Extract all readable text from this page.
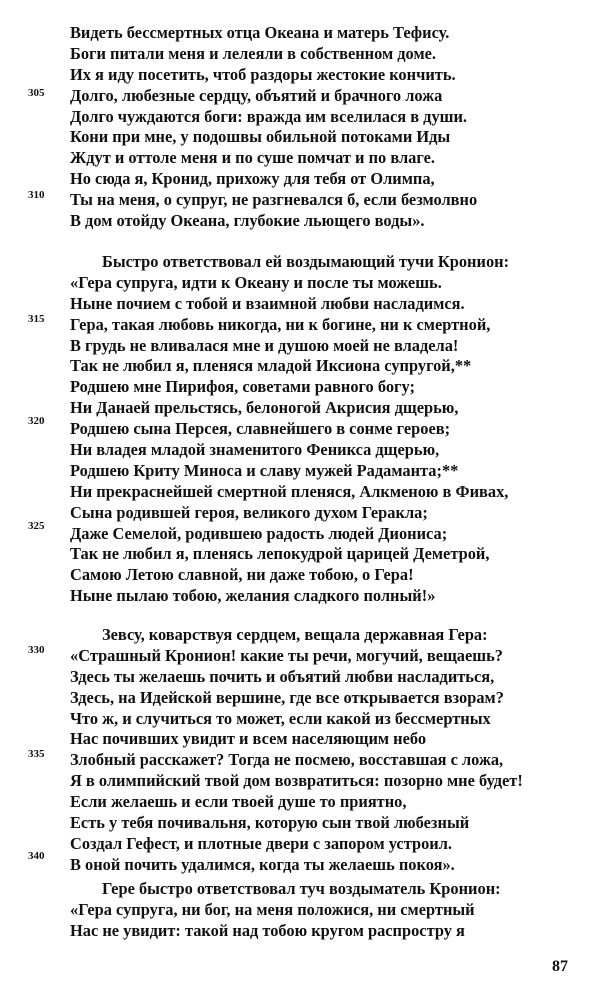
Видеть бессмертных отца Океана и матерь Тефису.
Боги питали меня и лелеяли в собственном доме.
Их я иду посетить, чтоб раздоры жестокие кончить.
Долго, любезные сердцу, объятий и брачного ложа
Долго чуждаются боги: вражда им вселилася в души.
Кони при мне, у подошвы обильной потоками Иды
Ждут и оттоле меня и по суше помчат и по влаге.
Но сюда я, Кронид, прихожу для тебя от Олимпа,
Ты на меня, о супруг, не разгневался б, если безмолвно
В дом отойду Океана, глубокие льющего воды».
Быстро ответствовал ей воздымающий тучи Кронион:
«Гера супруга, идти к Океану и после ты можешь.
Ныне почием с тобой и взаимной любви насладимся.
Гера, такая любовь никогда, ни к богине, ни к смертной,
В грудь не вливалася мне и душою моей не владела!
Так не любил я, пленяся младой Иксиона супругой,**
Родшею мне Пирифоя, советами равного богу;
Ни Данаей прельстясь, белоногой Акрисия дщерью,
Родшею сына Персея, славнейшего в сонме героев;
Ни владея младой знаменитого Феникса дщерью,
Родшею Криту Миноса и славу мужей Радаманта;**
Ни прекраснейшей смертной пленяся, Алкменою в Фивах,
Сына родившей героя, великого духом Геракла;
Даже Семелой, родившею радость людей Диониса;
Так не любил я, пленясь лепокудрой царицей Деметрой,
Самою Летою славной, ни даже тобою, о Гера!
Ныне пылаю тобою, желания сладкого полный!»
Зевсу, коварствуя сердцем, вещала державная Гера:
«Страшный Кронион! какие ты речи, могучий, вещаешь?
Здесь ты желаешь почить и объятий любви насладиться,
Здесь, на Идейской вершине, где все открывается взорам?
Что ж, и случиться то может, если какой из бессмертных
Нас почивших увидит и всем населяющим небо
Злобный расскажет? Тогда не посмею, восставшая с ложа,
Я в олимпийский твой дом возвратиться: позорно мне будет!
Если желаешь и если твоей душе то приятно,
Есть у тебя почивальня, которую сын твой любезный
Создал Гефест, и плотные двери с запором устроил.
В оной почить удалимся, когда ты желаешь покоя».
Гере быстро ответствовал туч воздыматель Кронион:
«Гера супруга, ни бог, на меня положися, ни смертный
Нас не увидит: такой над тобою кругом распростру я
305
310
315
320
325
330
335
340
87
